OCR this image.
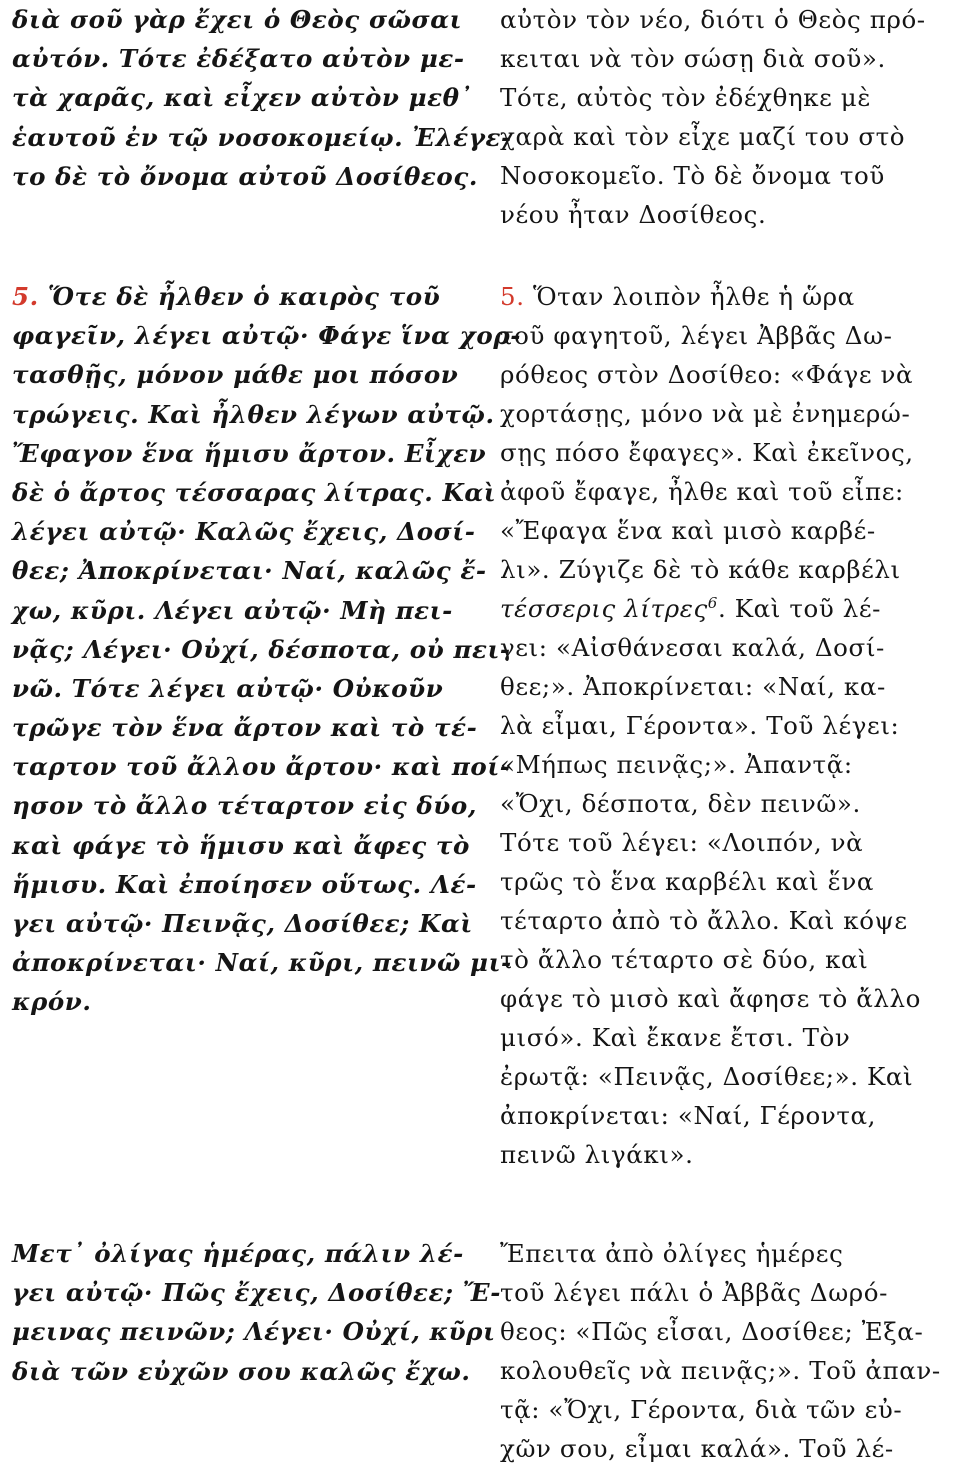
διὰ σοῦ γὰρ ἔχει ὁ Θεὸς σῶσαι
αὐτόν. Τότε ἐδέξατο αὐτὸν με-
τὰ χαρᾶς, καὶ εἶχεν αὐτὸν μεθ᾽
ἑαυτοῦ ἐν τῷ νοσοκομείῳ. Ἐλέγε-
το δὲ τὸ ὄνομα αὐτοῦ Δοσίθεος.
5. Ὅτε δὲ ἦλθεν ὁ καιρὸς τοῦ
φαγεῖν, λέγει αὐτῷ· Φάγε ἵνα χορ-
τασθῇς, μόνον μάθε μοι πόσον
τρώγεις. Καὶ ἦλθεν λέγων αὐτῷ.
Ἔφαγον ἕνα ἥμισυ ἄρτον. Εἶχεν
δὲ ὁ ἄρτος τέσσαρας λίτρας. Καὶ
λέγει αὐτῷ· Καλῶς ἔχεις, Δοσί-
θεε; Ἀποκρίνεται· Ναί, καλῶς ἔ-
χω, κῦρι. Λέγει αὐτῷ· Μὴ πει-
νᾷς; Λέγει· Οὐχί, δέσποτα, οὐ πει-
νῶ. Τότε λέγει αὐτῷ· Οὐκοῦν
τρῶγε τὸν ἕνα ἄρτον καὶ τὸ τέ-
ταρτον τοῦ ἄλλου ἄρτου· καὶ ποί-
ησον τὸ ἄλλο τέταρτον εἰς δύο,
καὶ φάγε τὸ ἥμισυ καὶ ἄφες τὸ
ἥμισυ. Καὶ ἐποίησεν οὕτως. Λέ-
γει αὐτῷ· Πεινᾷς, Δοσίθεε; Καὶ
ἀποκρίνεται· Ναί, κῦρι, πεινῶ μι-
κρόν.
Μετ᾽ ὀλίγας ἡμέρας, πάλιν λέ-
γει αὐτῷ· Πῶς ἔχεις, Δοσίθεε; Ἔ-
μεινας πεινῶν; Λέγει· Οὐχί, κῦρι
διὰ τῶν εὐχῶν σου καλῶς ἔχω.
αὐτὸν τὸν νέο, διότι ὁ Θεὸς πρό-
κειται νὰ τὸν σώσῃ διὰ σοῦ».
Τότε, αὐτὸς τὸν ἐδέχθηκε μὲ
χαρὰ καὶ τὸν εἶχε μαζί του στὸ
Νοσοκομεῖο. Τὸ δὲ ὄνομα τοῦ
νέου ἦταν Δοσίθεος.
5. Ὅταν λοιπὸν ἦλθε ἡ ὥρα
τοῦ φαγητοῦ, λέγει Ἀββᾶς Δω-
ρόθεος στὸν Δοσίθεο: «Φάγε νὰ
χορτάσῃς, μόνο νὰ μὲ ἐνημερώ-
σῃς πόσο ἔφαγες». Καὶ ἐκεῖνος,
ἀφοῦ ἔφαγε, ἦλθε καὶ τοῦ εἶπε:
«Ἔφαγα ἕνα καὶ μισὸ καρβέ-
λι». Ζύγιζε δὲ τὸ κάθε καρβέλι
τέσσερις λίτρες$^6$. Καὶ τοῦ λέ-
γει: «Αἰσθάνεσαι καλά, Δοσί-
θεε;». Ἀποκρίνεται: «Ναί, κα-
λὰ εἶμαι, Γέροντα». Τοῦ λέγει:
«Μήπως πεινᾷς;». Ἀπαντᾷ:
«Ὄχι, δέσποτα, δὲν πεινῶ».
Τότε τοῦ λέγει: «Λοιπόν, νὰ
τρῶς τὸ ἕνα καρβέλι καὶ ἕνα
τέταρτο ἀπὸ τὸ ἄλλο. Καὶ κόψε
τὸ ἄλλο τέταρτο σὲ δύο, καὶ
φάγε τὸ μισὸ καὶ ἄφησε τὸ ἄλλο
μισό». Καὶ ἔκανε ἔτσι. Τὸν
ἐρωτᾷ: «Πεινᾷς, Δοσίθεε;». Καὶ
ἀποκρίνεται: «Ναί, Γέροντα,
πεινῶ λιγάκι».
Ἔπειτα ἀπὸ ὀλίγες ἡμέρες
τοῦ λέγει πάλι ὁ Ἀββᾶς Δωρό-
θεος: «Πῶς εἶσαι, Δοσίθεε; Ἐξα-
κολουθεῖς νὰ πεινᾷς;». Τοῦ ἀπαν-
τᾷ: «Ὄχι, Γέροντα, διὰ τῶν εὐ-
χῶν σου, εἶμαι καλά». Τοῦ λέ-
